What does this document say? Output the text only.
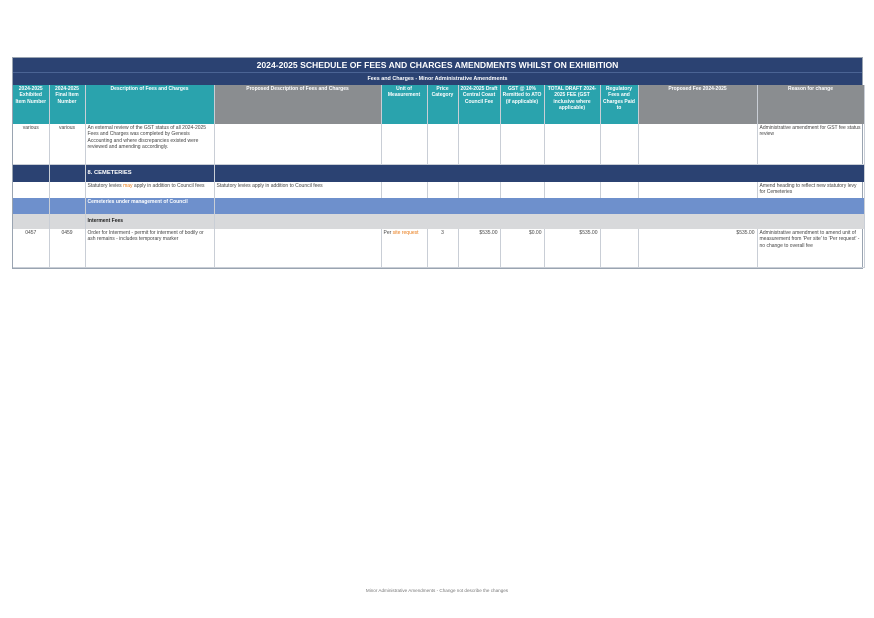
2024-2025 SCHEDULE OF FEES AND CHARGES AMENDMENTS WHILST ON EXHIBITION
Fees and Charges - Minor Administrative Amendments
2024-2025 Exhibited Item Number	2024-2025 Final Item Number	Description of Fees and Charges	Proposed Description of Fees and Charges	Unit of Measurement	Price Category	2024-2025 Draft Central Coast Council Fee	GST @ 10% Remitted to ATO (if applicable)	TOTAL DRAFT 2024-2025 FEE (GST inclusive where applicable)	Regulatory Fees and Charges Paid to	Proposed Fee 2024-2025	Reason for change
various	various	An external review of the GST status of all 2024-2025 Fees and Charges was completed by Genesis Accounting and where discrepancies existed were reviewed and amending accordingly.									Administrative amendment for GST fee status review
		8. CEMETERIES									
		Statutory levies may apply in addition to Council fees	Statutory levies apply in addition to Council fees								Amend heading to reflect new statutory levy for Cemeteries
		Cemeteries under management of Council									
		Interment Fees									
0457	0459	Order for Interment - permit for interment of bodily or ash remains - includes temporary marker		Per site request	3	$535.00	$0.00	$535.00		$535.00	Administrative amendment to amend unit of measurement from 'Per site' to 'Per request' - no change to overall fee
Minor Administrative Amendments - Change not describe the changes
